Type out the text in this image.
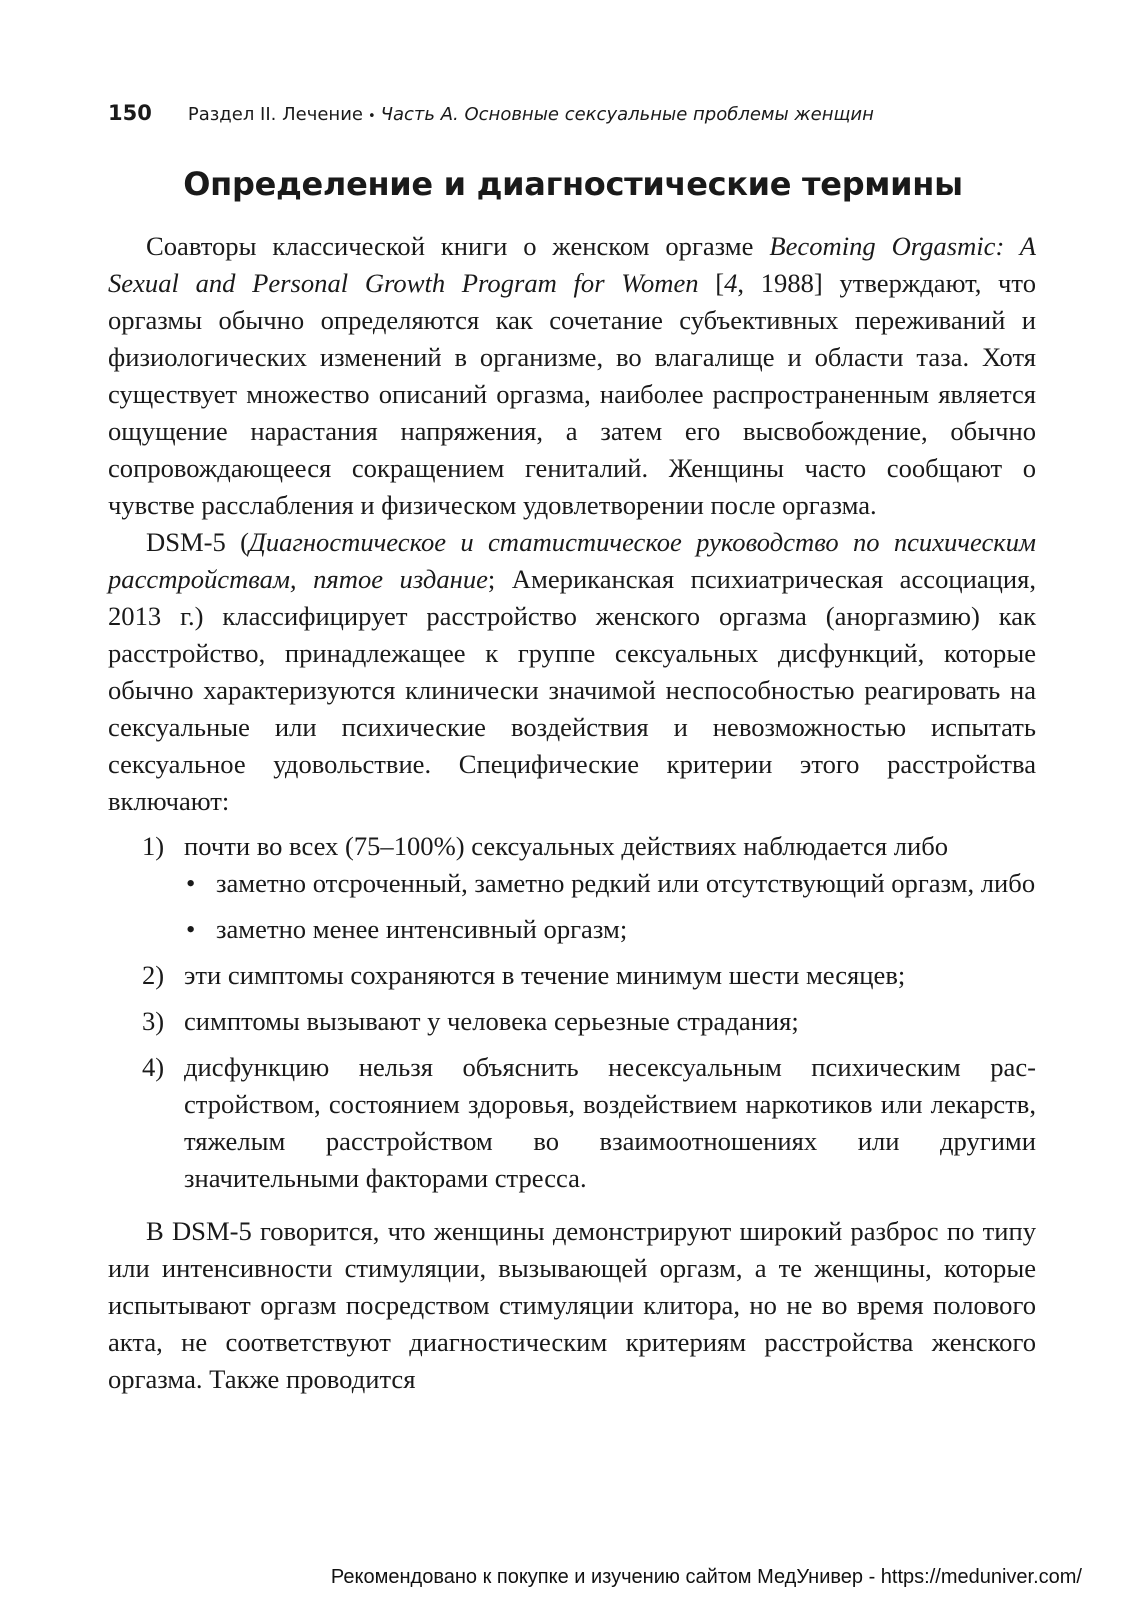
150 Раздел II. Лечение • Часть А. Основные сексуальные проблемы женщин
Определение и диагностические термины

Соавторы классической книги о женском оргазме Becoming Orgasmic: A Sexual and Personal Growth Program for Women [4, 1988] утверждают, что оргазмы обычно определяются как сочетание субъективных переживаний и физиологических изменений в организме, во влагалище и области таза. Хотя существует множество описаний оргазма, наиболее распространенным является ощущение нарастания напряжения, а затем его высвобождение, обычно сопровождающееся сокращением гениталий. Женщины часто сообщают о чувстве расслабления и физическом удовлетворении после оргазма.

DSM-5 (Диагностическое и статистическое руководство по психическим расстройствам, пятое издание; Американская психиатрическая ассоциация, 2013 г.) классифицирует расстройство женского оргазма (аноргазмию) как расстройство, принадлежащее к группе сексуальных дисфункций, которые обычно характеризуются клинически значимой неспособностью реагировать на сексуальные или психические воздействия и невозможностью испытать сексуальное удовольствие. Специфические критерии этого расстройства включают:

1) почти во всех (75–100%) сексуальных действиях наблюдается либо
• заметно отсроченный, заметно редкий или отсутствующий оргазм, либо
• заметно менее интенсивный оргазм;
2) эти симптомы сохраняются в течение минимум шести месяцев;
3) симптомы вызывают у человека серьезные страдания;
4) дисфункцию нельзя объяснить несексуальным психическим расстройством, состоянием здоровья, воздействием наркотиков или лекарств, тяжелым расстройством во взаимоотношениях или другими значительными факторами стресса.

В DSM-5 говорится, что женщины демонстрируют широкий разброс по типу или интенсивности стимуляции, вызывающей оргазм, а те женщины, которые испытывают оргазм посредством стимуляции клитора, но не во время полового акта, не соответствуют диагностическим критериям расстройства женского оргазма. Также проводится

Рекомендовано к покупке и изучению сайтом МедУнивер - https://meduniver.com/
